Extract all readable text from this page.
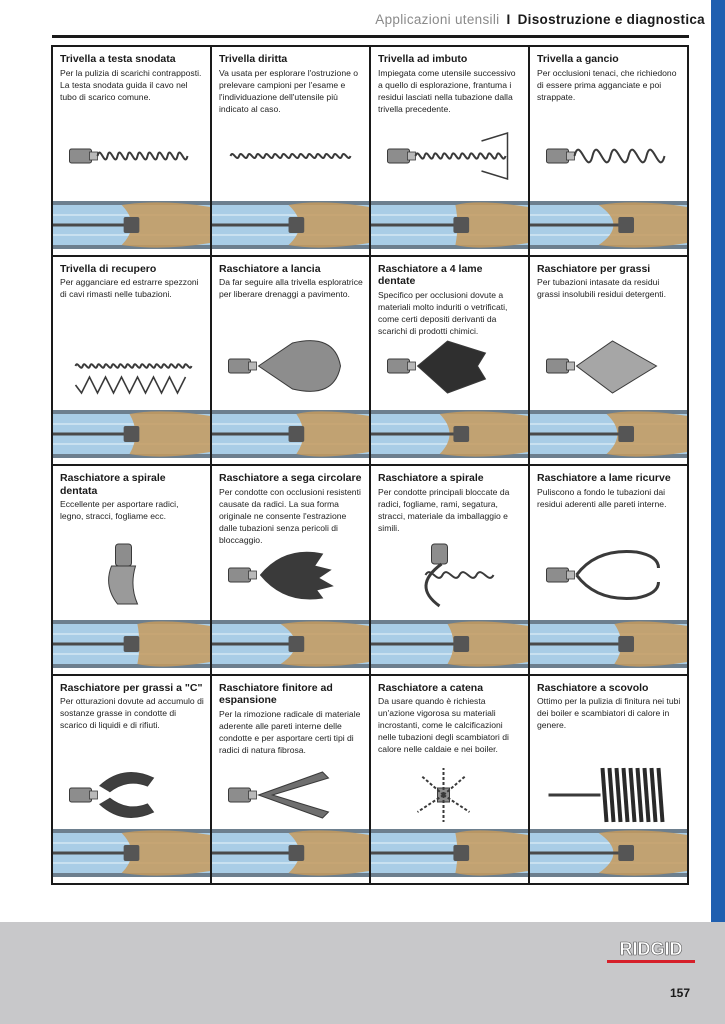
Applicazioni utensili I Disostruzione e diagnostica
Trivella a testa snodata

Per la pulizia di scarichi contrapposti. La testa snodata guida il cavo nel tubo di scarico comune.

Trivella diritta

Va usata per esplorare l'ostruzione o prelevare campioni per l'esame e l'individuazione dell'utensile più indicato al caso.

Trivella ad imbuto

Impiegata come utensile successivo a quello di esplorazione, frantuma i residui lasciati nella tubazione dalla trivella precedente.

Trivella a gancio

Per occlusioni tenaci, che richiedono di essere prima agganciate e poi strappate.

Trivella di recupero

Per agganciare ed estrarre spezzoni di cavi rimasti nelle tubazioni.

Raschiatore a lancia

Da far seguire alla trivella esploratrice per liberare drenaggi a pavimento.

Raschiatore a 4 lame dentate

Specifico per occlusioni dovute a materiali molto induriti o vetrificati, come certi depositi derivanti da scarichi di prodotti chimici.

Raschiatore per grassi

Per tubazioni intasate da residui grassi insolubili residui detergenti.

Raschiatore a spirale dentata

Eccellente per asportare radici, legno, stracci, fogliame ecc.

Raschiatore a sega circolare

Per condotte con occlusioni resistenti causate da radici. La sua forma originale ne consente l'estrazione dalle tubazioni senza pericoli di bloccaggio.

Raschiatore a spirale

Per condotte principali bloccate da radici, fogliame, rami, segatura, stracci, materiale da imballaggio e simili.

Raschiatore a lame ricurve

Puliscono a fondo le tubazioni dai residui aderenti alle pareti interne.

Raschiatore per grassi a "C"

Per otturazioni dovute ad accumulo di sostanze grasse in condotte di scarico di liquidi e di rifiuti.

Raschiatore finitore ad espansione

Per la rimozione radicale di materiale aderente alle pareti interne delle condotte e per asportare certi tipi di radici di natura fibrosa.

Raschiatore a catena

Da usare quando è richiesta un'azione vigorosa su materiali incrostanti, come le calcificazioni nelle tubazioni degli scambiatori di calore nelle caldaie e nei boiler.

Raschiatore a scovolo

Ottimo per la pulizia di finitura nei tubi dei boiler e scambiatori di calore in genere.

RIDGID
157
